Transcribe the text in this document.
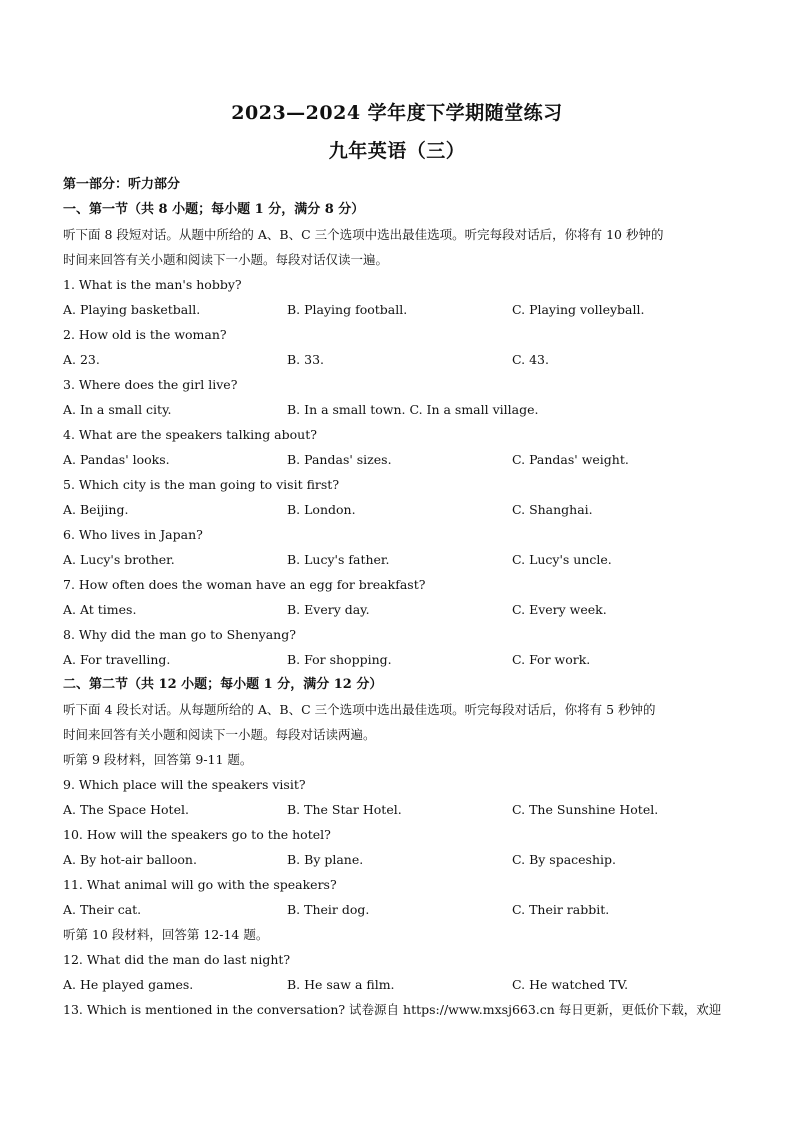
2023—2024 学年度下学期随堂练习
九年英语（三）
第一部分：听力部分
一、第一节（共 8 小题；每小题 1 分，满分 8 分）
听下面 8 段短对话。从题中所给的 A、B、C 三个选项中选出最佳选项。听完每段对话后，你将有 10 秒钟的
时间来回答有关小题和阅读下一小题。每段对话仅读一遍。
1. What is the man's hobby?
A. Playing basketball.	B. Playing football.	C. Playing volleyball.
2. How old is the woman?
A. 23.	B. 33.	C. 43.
3. Where does the girl live?
A. In a small city.	B. In a small town. C. In a small village.
4. What are the speakers talking about?
A. Pandas' looks.	B. Pandas' sizes.	C. Pandas' weight.
5. Which city is the man going to visit first?
A. Beijing.	B. London.	C. Shanghai.
6. Who lives in Japan?
A. Lucy's brother.	B. Lucy's father.	C. Lucy's uncle.
7. How often does the woman have an egg for breakfast?
A. At times.	B. Every day.	C. Every week.
8. Why did the man go to Shenyang?
A. For travelling.	B. For shopping.	C. For work.
二、第二节（共 12 小题；每小题 1 分，满分 12 分）
听下面 4 段长对话。从每题所给的 A、B、C 三个选项中选出最佳选项。听完每段对话后，你将有 5 秒钟的
时间来回答有关小题和阅读下一小题。每段对话读两遍。
听第 9 段材料，回答第 9-11 题。
9. Which place will the speakers visit?
A. The Space Hotel.	B. The Star Hotel.	C. The Sunshine Hotel.
10. How will the speakers go to the hotel?
A. By hot-air balloon.	B. By plane.	C. By spaceship.
11. What animal will go with the speakers?
A. Their cat.	B. Their dog.	C. Their rabbit.
听第 10 段材料，回答第 12-14 题。
12. What did the man do last night?
A. He played games.	B. He saw a film.	C. He watched TV.
13. Which is mentioned in the conversation? 试卷源自 https://www.mxsj663.cn 每日更新，更低价下载，欢迎
